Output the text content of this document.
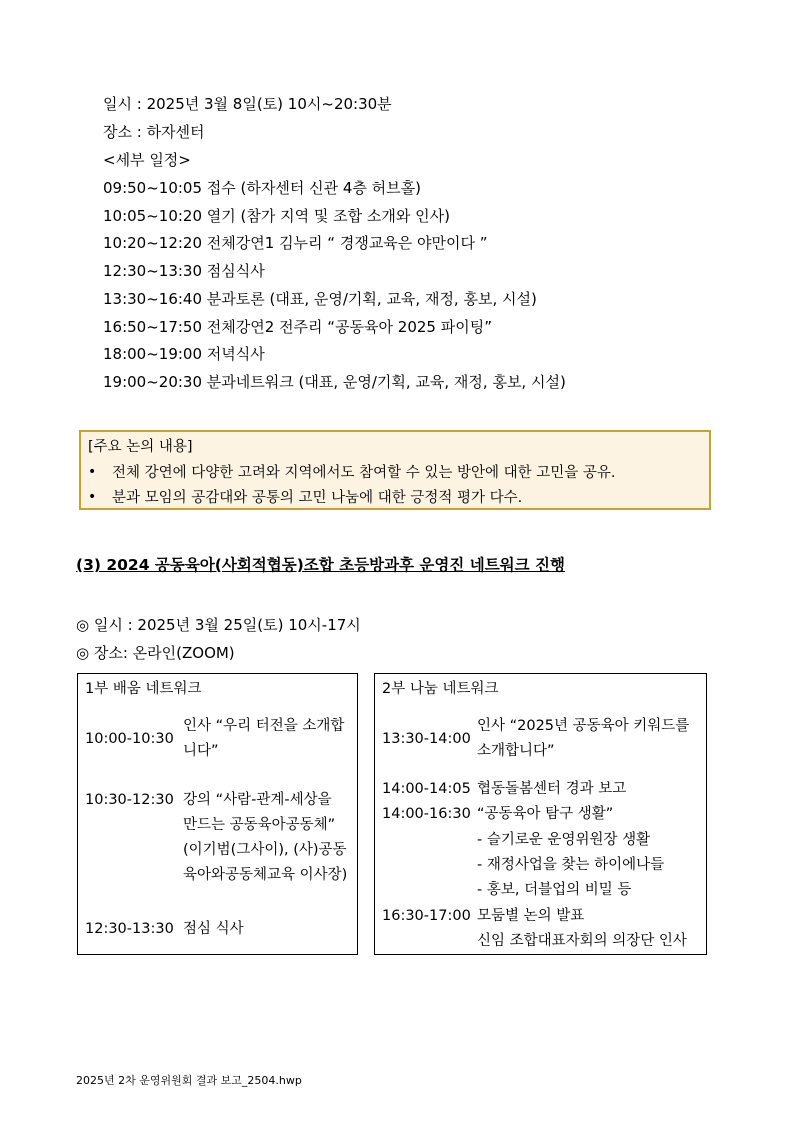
일시 : 2025년 3월 8일(토) 10시~20:30분
장소 : 하자센터
<세부 일정>
09:50~10:05 접수 (하자센터 신관 4층 허브홀)
10:05~10:20 열기 (참가 지역 및 조합 소개와 인사)
10:20~12:20 전체강연1 김누리 “ 경쟁교육은 야만이다 ”
12:30~13:30 점심식사
13:30~16:40 분과토론 (대표, 운영/기획, 교육, 재정, 홍보, 시설)
16:50~17:50 전체강연2 전주리 “공동육아 2025 파이팅”
18:00~19:00 저녁식사
19:00~20:30 분과네트워크 (대표, 운영/기획, 교육, 재정, 홍보, 시설)
[주요 논의 내용]
• 전체 강연에 다양한 고려와 지역에서도 참여할 수 있는 방안에 대한 고민을 공유.
• 분과 모임의 공감대와 공통의 고민 나눔에 대한 긍정적 평가 다수.
(3) 2024 공동육아(사회적협동)조합 초등방과후 운영진 네트워크 진행
◎ 일시 : 2025년 3월 25일(토) 10시-17시
◎ 장소: 온라인(ZOOM)
1부 배움 네트워크
10:00-10:30
인사 “우리 터전을 소개합
니다”
10:30-12:30 강의 “사람-관계-세상을
만드는 공동육아공동체”
(이기범(그사이), (사)공동
육아와공동체교육 이사장)
12:30-13:30 점심 식사
2부 나눔 네트워크
13:30-14:00
인사 “2025년 공동육아 키워드를
소개합니다”
14:00-14:05 협동돌봄센터 경과 보고
14:00-16:30 “공동육아 탐구 생활”
- 슬기로운 운영위원장 생활
- 재정사업을 찾는 하이에나들
- 홍보, 더블업의 비밀 등
16:30-17:00 모둠별 논의 발표
신임 조합대표자회의 의장단 인사
2025년 2차 운영위원회 결과 보고_2504.hwp
